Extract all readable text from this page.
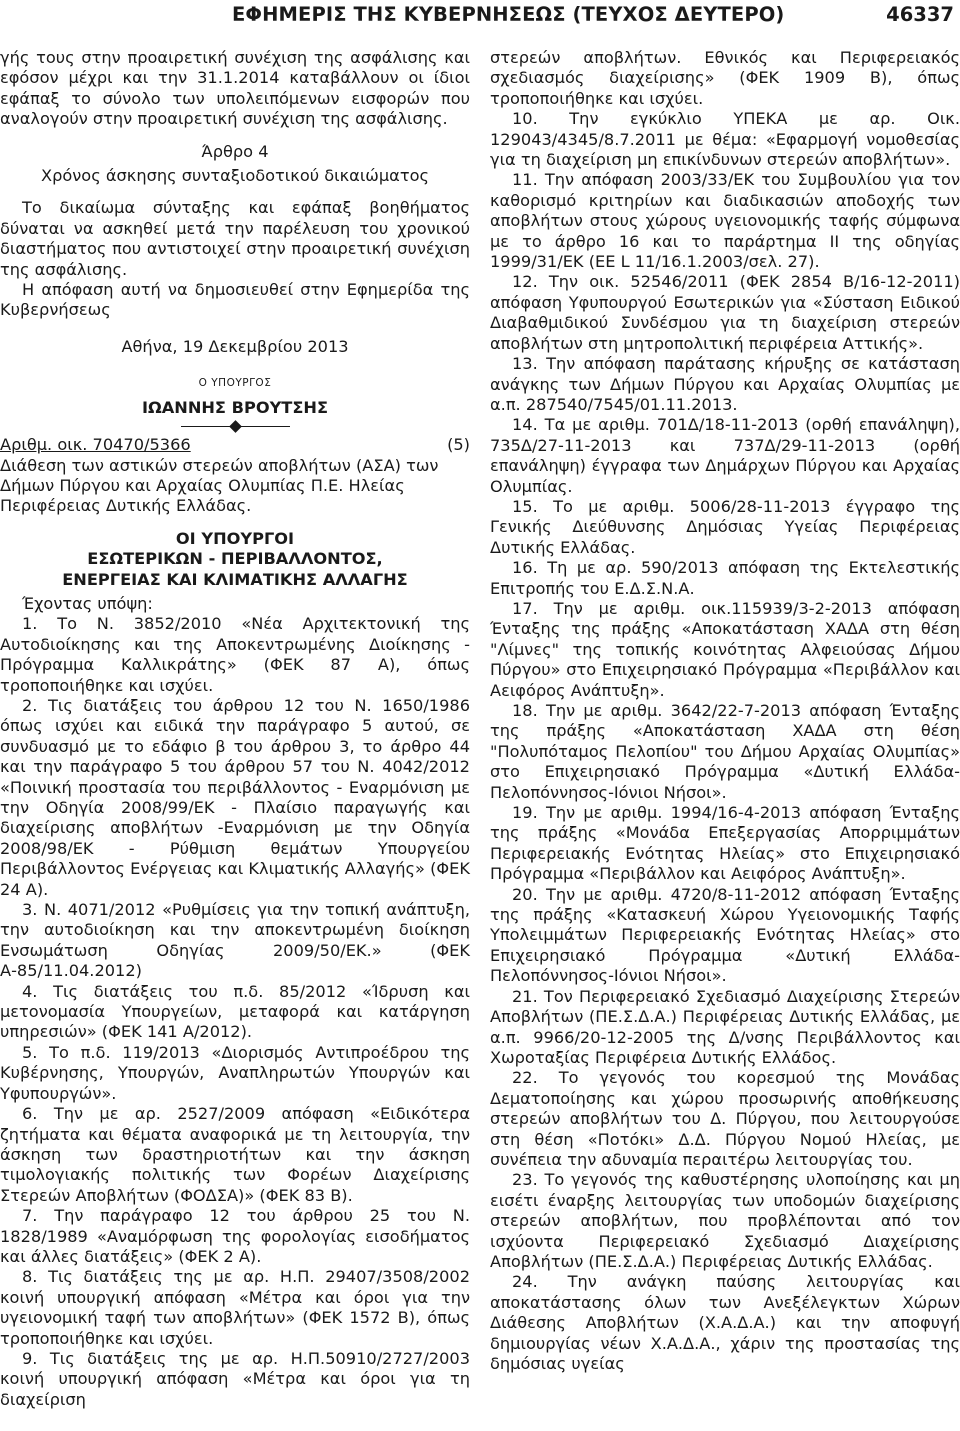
ΕΦΗΜΕΡΙΣ ΤΗΣ ΚΥΒΕΡΝΗΣΕΩΣ (ΤΕΥΧΟΣ ΔΕΥΤΕΡΟ)	46337

γής τους στην προαιρετική συνέχιση της ασφάλισης και εφόσον μέχρι και την 31.1.2014 καταβάλλουν οι ίδιοι εφάπαξ το σύνολο των υπολειπόμενων εισφορών που αναλογούν στην προαιρετική συνέχιση της ασφάλισης.

Άρθρο 4

Χρόνος άσκησης συνταξιοδοτικού δικαιώματος

Το δικαίωμα σύνταξης και εφάπαξ βοηθήματος δύναται να ασκηθεί μετά την παρέλευση του χρονικού διαστήματος που αντιστοιχεί στην προαιρετική συνέχιση της ασφάλισης.

Η απόφαση αυτή να δημοσιευθεί στην Εφημερίδα της Κυβερνήσεως

Αθήνα, 19 Δεκεμβρίου 2013

Ο ΥΠΟΥΡΓΟΣ

ΙΩΑΝΝΗΣ ΒΡΟΥΤΣΗΣ

Αριθμ. οικ. 70470/5366	(5)

Διάθεση των αστικών στερεών αποβλήτων (ΑΣΑ) των Δήμων Πύργου και Αρχαίας Ολυμπίας Π.Ε. Ηλείας Περιφέρειας Δυτικής Ελλάδας.

ΟΙ ΥΠΟΥΡΓΟΙ

ΕΣΩΤΕΡΙΚΩΝ - ΠΕΡΙΒΑΛΛΟΝΤΟΣ, ΕΝΕΡΓΕΙΑΣ ΚΑΙ ΚΛΙΜΑΤΙΚΗΣ ΑΛΛΑΓΗΣ

Έχοντας υπόψη:

1. Το Ν. 3852/2010 «Νέα Αρχιτεκτονική της Αυτοδιοίκησης και της Αποκεντρωμένης Διοίκησης - Πρόγραμμα Καλλικράτης» (ΦΕΚ 87 Α), όπως τροποποιήθηκε και ισχύει.

2. Τις διατάξεις του άρθρου 12 του Ν. 1650/1986 όπως ισχύει και ειδικά την παράγραφο 5 αυτού, σε συνδυασμό με το εδάφιο β του άρθρου 3, το άρθρο 44 και την παράγραφο 5 του άρθρου 57 του Ν. 4042/2012 «Ποινική προστασία του περιβάλλοντος - Εναρμόνιση με την Οδηγία 2008/99/ΕΚ - Πλαίσιο παραγωγής και διαχείρισης αποβλήτων -Εναρμόνιση με την Οδηγία 2008/98/ΕΚ - Ρύθμιση θεμάτων Υπουργείου Περιβάλλοντος Ενέργειας και Κλιματικής Αλλαγής» (ΦΕΚ 24 Α).

3. Ν. 4071/2012 «Ρυθμίσεις για την τοπική ανάπτυξη, την αυτοδιοίκηση και την αποκεντρωμένη διοίκηση Ενσωμάτωση Οδηγίας 2009/50/ΕΚ.» (ΦΕΚ Α-85/11.04.2012)

4. Τις διατάξεις του π.δ. 85/2012 «Ίδρυση και μετονομασία Υπουργείων, μεταφορά και κατάργηση υπηρεσιών» (ΦΕΚ 141 Α/2012).

5. Το π.δ. 119/2013 «Διορισμός Αντιπροέδρου της Κυβέρνησης, Υπουργών, Αναπληρωτών Υπουργών και Υφυπουργών».

6. Την με αρ. 2527/2009 απόφαση «Ειδικότερα ζητήματα και θέματα αναφορικά με τη λειτουργία, την άσκηση των δραστηριοτήτων και την άσκηση τιμολογιακής πολιτικής των Φορέων Διαχείρισης Στερεών Αποβλήτων (ΦΟΔΣΑ)» (ΦΕΚ 83 Β).

7. Την παράγραφο 12 του άρθρου 25 του Ν. 1828/1989 «Αναμόρφωση της φορολογίας εισοδήματος και άλλες διατάξεις» (ΦΕΚ 2 Α).

8. Τις διατάξεις της με αρ. Η.Π. 29407/3508/2002 κοινή υπουργική απόφαση «Μέτρα και όροι για την υγειονομική ταφή των αποβλήτων» (ΦΕΚ 1572 Β), όπως τροποποιήθηκε και ισχύει.

9. Τις διατάξεις της με αρ. Η.Π.50910/2727/2003 κοινή υπουργική απόφαση «Μέτρα και όροι για τη διαχείριση

στερεών αποβλήτων. Εθνικός και Περιφερειακός σχεδιασμός διαχείρισης» (ΦΕΚ 1909 Β), όπως τροποποιήθηκε και ισχύει.

10. Την εγκύκλιο ΥΠΕΚΑ με αρ. Οικ. 129043/4345/8.7.2011 με θέμα: «Εφαρμογή νομοθεσίας για τη διαχείριση μη επικίνδυνων στερεών αποβλήτων».

11. Την απόφαση 2003/33/ΕΚ του Συμβουλίου για τον καθορισμό κριτηρίων και διαδικασιών αποδοχής των αποβλήτων στους χώρους υγειονομικής ταφής σύμφωνα με το άρθρο 16 και το παράρτημα ΙΙ της οδηγίας 1999/31/ΕΚ (ΕΕ L 11/16.1.2003/σελ. 27).

12. Την οικ. 52546/2011 (ΦΕΚ 2854 Β/16-12-2011) απόφαση Υφυπουργού Εσωτερικών για «Σύσταση Ειδικού Διαβαθμιδικού Συνδέσμου για τη διαχείριση στερεών αποβλήτων στη μητροπολιτική περιφέρεια Αττικής».

13. Την απόφαση παράτασης κήρυξης σε κατάσταση ανάγκης των Δήμων Πύργου και Αρχαίας Ολυμπίας με α.π. 287540/7545/01.11.2013.

14. Τα με αριθμ. 701Δ/18-11-2013 (ορθή επανάληψη), 735Δ/27-11-2013 και 737Δ/29-11-2013 (ορθή επανάληψη) έγγραφα των Δημάρχων Πύργου και Αρχαίας Ολυμπίας.

15. Το με αριθμ. 5006/28-11-2013 έγγραφο της Γενικής Διεύθυνσης Δημόσιας Υγείας Περιφέρειας Δυτικής Ελλάδας.

16. Τη με αρ. 590/2013 απόφαση της Εκτελεστικής Επιτροπής του Ε.Δ.Σ.Ν.Α.

17. Την με αριθμ. οικ.115939/3-2-2013 απόφαση Ένταξης της πράξης «Αποκατάσταση ΧΑΔΑ στη θέση "Λίμνες" της τοπικής κοινότητας Αλφειούσας Δήμου Πύργου» στο Επιχειρησιακό Πρόγραμμα «Περιβάλλον και Αειφόρος Ανάπτυξη».

18. Την με αριθμ. 3642/22-7-2013 απόφαση Ένταξης της πράξης «Αποκατάσταση ΧΑΔΑ στη θέση "Πολυπόταμος Πελοπίου" του Δήμου Αρχαίας Ολυμπίας» στο Επιχειρησιακό Πρόγραμμα «Δυτική Ελλάδα-Πελοπόννησος-Ιόνιοι Νήσοι».

19. Την με αριθμ. 1994/16-4-2013 απόφαση Ένταξης της πράξης «Μονάδα Επεξεργασίας Απορριμμάτων Περιφερειακής Ενότητας Ηλείας» στο Επιχειρησιακό Πρόγραμμα «Περιβάλλον και Αειφόρος Ανάπτυξη».

20. Την με αριθμ. 4720/8-11-2012 απόφαση Ένταξης της πράξης «Κατασκευή Χώρου Υγειονομικής Ταφής Υπολειμμάτων Περιφερειακής Ενότητας Ηλείας» στο Επιχειρησιακό Πρόγραμμα «Δυτική Ελλάδα-Πελοπόννησος-Ιόνιοι Νήσοι».

21. Τον Περιφερειακό Σχεδιασμό Διαχείρισης Στερεών Αποβλήτων (ΠΕ.Σ.Δ.Α.) Περιφέρειας Δυτικής Ελλάδας, με α.π. 9966/20-12-2005 της Δ/νσης Περιβάλλοντος και Χωροταξίας Περιφέρεια Δυτικής Ελλάδος.

22. Το γεγονός του κορεσμού της Μονάδας Δεματοποίησης και χώρου προσωρινής αποθήκευσης στερεών αποβλήτων του Δ. Πύργου, που λειτουργούσε στη θέση «Ποτόκι» Δ.Δ. Πύργου Νομού Ηλείας, με συνέπεια την αδυναμία περαιτέρω λειτουργίας του.

23. Το γεγονός της καθυστέρησης υλοποίησης και μη εισέτι έναρξης λειτουργίας των υποδομών διαχείρισης στερεών αποβλήτων, που προβλέπονται από τον ισχύοντα Περιφερειακό Σχεδιασμό Διαχείρισης Αποβλήτων (ΠΕ.Σ.Δ.Α.) Περιφέρειας Δυτικής Ελλάδας.

24. Την ανάγκη παύσης λειτουργίας και αποκατάστασης όλων των Ανεξέλεγκτων Χώρων Διάθεσης Αποβλήτων (Χ.Α.Δ.Α.) και την αποφυγή δημιουργίας νέων Χ.Α.Δ.Α., χάριν της προστασίας της δημόσιας υγείας
